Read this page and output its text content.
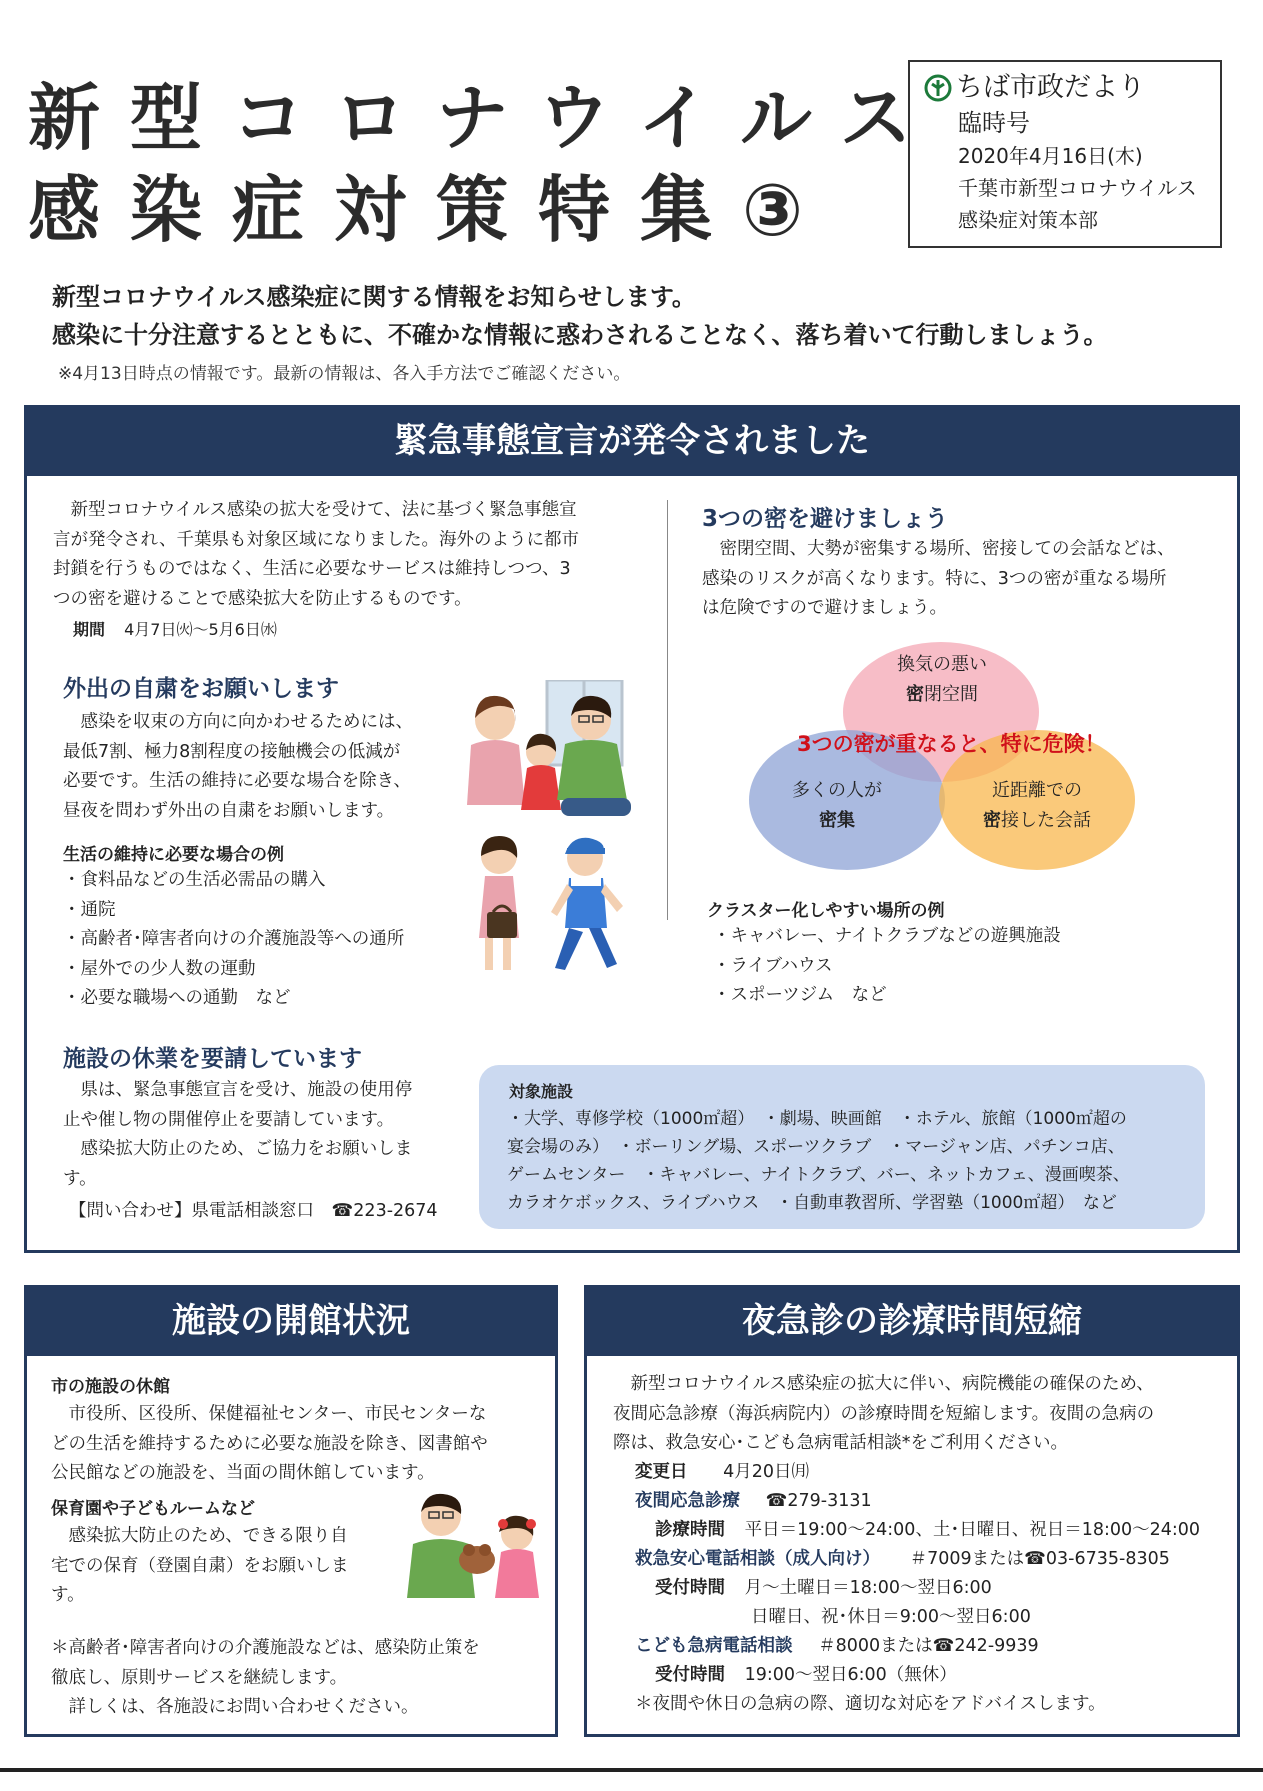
新型コロナウイルス
感染症対策特集③
ちば市政だより
臨時号
2020年4月16日(木)
千葉市新型コロナウイルス
感染症対策本部
新型コロナウイルス感染症に関する情報をお知らせします。
感染に十分注意するとともに、不確かな情報に惑わされることなく、落ち着いて行動しましょう。
※4月13日時点の情報です。最新の情報は、各入手方法でご確認ください。
緊急事態宣言が発令されました

　新型コロナウイルス感染の拡大を受けて、法に基づく緊急事態宣

言が発令され、千葉県も対象区域になりました。海外のように都市

封鎖を行うものではなく、生活に必要なサービスは維持しつつ、3

つの密を避けることで感染拡大を防止するものです。

期間 4月7日㈫～5月6日㈬
外出の自粛をお願いします

　感染を収束の方向に向かわせるためには、

最低7割、極力8割程度の接触機会の低減が

必要です。生活の維持に必要な場合を除き、

昼夜を問わず外出の自粛をお願いします。

生活の維持に必要な場合の例

・食料品などの生活必需品の購入

・通院

・高齢者･障害者向けの介護施設等への通所

・屋外での少人数の運動

・必要な職場への通勤　など

3つの密を避けましょう

　密閉空間、大勢が密集する場所、密接しての会話などは、

感染のリスクが高くなります。特に、3つの密が重なる場所

は危険ですので避けましょう。

換気の悪い
密閉空間
多くの人が
密集
近距離での
密接した会話
3つの密が重なると、特に危険！
クラスター化しやすい場所の例

・キャバレー、ナイトクラブなどの遊興施設

・ライブハウス

・スポーツジム　など

施設の休業を要請しています

　県は、緊急事態宣言を受け、施設の使用停

止や催し物の開催停止を要請しています。

　感染拡大防止のため、ご協力をお願いしま

す。

【問い合わせ】県電話相談窓口　☎223-2674
対象施設

・大学、専修学校（1000㎡超）　・劇場、映画館　・ホテル、旅館（1000㎡超の

宴会場のみ）　・ボーリング場、スポーツクラブ　・マージャン店、パチンコ店、

ゲームセンター　・キャバレー、ナイトクラブ、バー、ネットカフェ、漫画喫茶、

カラオケボックス、ライブハウス　・自動車教習所、学習塾（1000㎡超）　など

施設の開館状況
市の施設の休館

　市役所、区役所、保健福祉センター、市民センターな

どの生活を維持するために必要な施設を除き、図書館や

公民館などの施設を、当面の間休館しています。

保育園や子どもルームなど

　感染拡大防止のため、できる限り自

宅での保育（登園自粛）をお願いしま

す。

＊高齢者･障害者向けの介護施設などは、感染防止策を

徹底し、原則サービスを継続します。

　詳しくは、各施設にお問い合わせください。

夜急診の診療時間短縮

　新型コロナウイルス感染症の拡大に伴い、病院機能の確保のため、

夜間応急診療（海浜病院内）の診療時間を短縮します。夜間の急病の

際は、救急安心･こども急病電話相談*をご利用ください。

変更日 4月20日㈪
夜間応急診療 ☎279-3131
診療時間 平日＝19:00～24:00、土･日曜日、祝日＝18:00～24:00
救急安心電話相談（成人向け） ＃7009または☎03-6735-8305
受付時間 月～土曜日＝18:00～翌日6:00
日曜日、祝･休日＝9:00～翌日6:00
こども急病電話相談 ＃8000または☎242-9939
受付時間 19:00～翌日6:00（無休）
＊夜間や休日の急病の際、適切な対応をアドバイスします。
